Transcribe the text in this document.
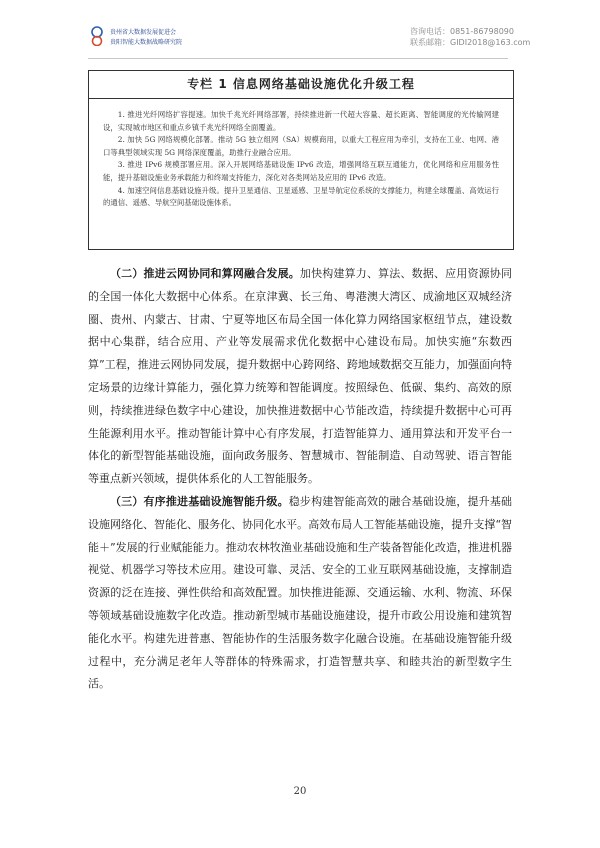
贵州省大数据发展促进会
贵阳智能大数据战略研究院
咨询电话：0851-86798090
联系邮箱：GIDI2018@163.com
专栏 1 信息网络基础设施优化升级工程

1. 推进光纤网络扩容提速。加快千兆光纤网络部署，持续推进新一代超大容量、超长距离、智能调度的光传输网建设，实现城市地区和重点乡镇千兆光纤网络全面覆盖。

2. 加快 5G 网络规模化部署。推动 5G 独立组网（SA）规模商用，以重大工程应用为牵引，支持在工业、电网、港口等典型领域实现 5G 网络深度覆盖，助推行业融合应用。

3. 推进 IPv6 规模部署应用。深入开展网络基础设施 IPv6 改造，增强网络互联互通能力，优化网络和应用服务性能，提升基础设施业务承载能力和终端支持能力，深化对各类网站及应用的 IPv6 改造。

4. 加速空间信息基础设施升级。提升卫星通信、卫星遥感、卫星导航定位系统的支撑能力，构建全球覆盖、高效运行的通信、遥感、导航空间基础设施体系。

（二）推进云网协同和算网融合发展。加快构建算力、算法、数据、应用资源协同的全国一体化大数据中心体系。在京津冀、长三角、粤港澳大湾区、成渝地区双城经济圈、贵州、内蒙古、甘肃、宁夏等地区布局全国一体化算力网络国家枢纽节点，建设数据中心集群，结合应用、产业等发展需求优化数据中心建设布局。加快实施“东数西算”工程，推进云网协同发展，提升数据中心跨网络、跨地域数据交互能力，加强面向特定场景的边缘计算能力，强化算力统筹和智能调度。按照绿色、低碳、集约、高效的原则，持续推进绿色数字中心建设，加快推进数据中心节能改造，持续提升数据中心可再生能源利用水平。推动智能计算中心有序发展，打造智能算力、通用算法和开发平台一体化的新型智能基础设施，面向政务服务、智慧城市、智能制造、自动驾驶、语言智能等重点新兴领域，提供体系化的人工智能服务。

（三）有序推进基础设施智能升级。稳步构建智能高效的融合基础设施，提升基础设施网络化、智能化、服务化、协同化水平。高效布局人工智能基础设施，提升支撑“智能＋”发展的行业赋能能力。推动农林牧渔业基础设施和生产装备智能化改造，推进机器视觉、机器学习等技术应用。建设可靠、灵活、安全的工业互联网基础设施，支撑制造资源的泛在连接、弹性供给和高效配置。加快推进能源、交通运输、水利、物流、环保等领域基础设施数字化改造。推动新型城市基础设施建设，提升市政公用设施和建筑智能化水平。构建先进普惠、智能协作的生活服务数字化融合设施。在基础设施智能升级过程中，充分满足老年人等群体的特殊需求，打造智慧共享、和睦共治的新型数字生活。

20
